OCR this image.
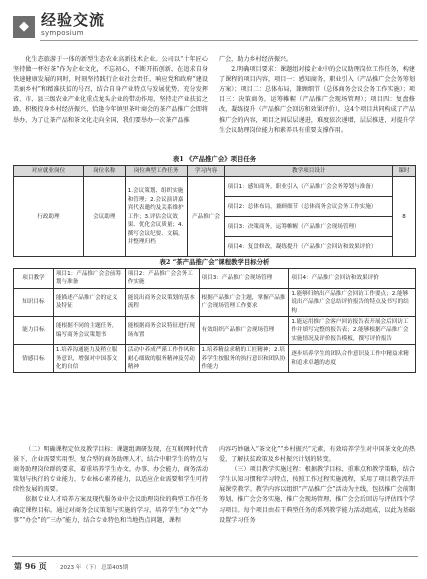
◆ 经验交流
symposium

化生态旅游于一体的新型生态农业高新技术企业。公司以“十年匠心坚持做一杯好茶”作为企业文化，不忘初心，不断开拓创新，在追求自身快速健康发展的同时，时刻坚持践行企业社会责任，响应党和政府“建设美丽乡村”和精准扶贫的号召，结合自身产业特点与发展优势，充分发挥省、市、县三级农业产业化重点龙头企业的带动作用，坚持走产业扶贫之路，积极投身乡村经济振兴，恰逢今年镇里茶叶商会的茶产品推广会即将举办，为了让茶产品和茶文化走向全国，我们要举办一次茶产品推

广会，助力乡村经济振兴。

2.明确项目要求：课题组对接企业中的会议助理岗位工作任务，构建了课程的项目内容，项目一：感知商务，职业引入（产品推广会会务筹划方案）；项目二：总体布局，兼顾细节（总体商务会议会务工作实施）；项目三：决策商务，运筹帷幄（产品推广会现场管理）；项目四：复盘修改，凝练提升（产品推广会回访和效果评价），这4个项目共同构成了产品推广会的内容，项目之间层层递进，难度依次递增，层层推进，对提升学生会议助理岗位能力和素养具有重要支撑作用。

表1 《产品推广会》项目任务
对应就业岗位	岗位名称	岗位典型工作任务	学习内容	教学项目设计	课时
行政助理	会议助理	1.会议策划、组织实施和管理；2.会议演讲嘉宾代表邀约及关系维护工作；3.评估会议效果、优化会议质量；4.撰写会议纪要、文稿，并整理归档	产品推广会	项目1：感知商务，职业引入（产品推广会会务筹划与准备）	8
				项目2：总体布局，兼顾细节（总体商务会议会务工作实施）	
				项目3：决策商务，运筹帷幄（产品推广会现场管理）	
				项目4：复盘修改，凝练提升（产品推广会回访和效果评价）	
表2 “茶产品推广会”课程教学目标分析
项目教学	项目1：产品推广会会前筹划与准备	项目2：产品推广会会务工作实施	项目3：产品推广会现场管理	项目4：产品推广会回访和效果评价
知识目标	能描述产品推广会的定义及特征	能说出商务会议策划的基本流程	根据产品推广会主题，掌握产品推广会现场管理工作要求	1.能够归纳出产品推广会回访工作要点；2.能够说出产品推广会总结评价报告的特点及书写的结构
能力目标	能根据不同的主题任务，编写商务会议策划书	能根据商务会议特征进行现场布置	有效组织产品推广会现场管理	1.能运用推广会客户回访报告表开展会后回访工作并填写完整的报告表；2.能够根据产品推广会实施情况及评价报告模板，撰写评价报告
情感目标	1.培养沟通能力及稍立服务意识，增强对中国茶文化的自信	活动中养成严谨工作作风和耐心细致的服务精神及劳动精神	1.培养精益求精的工匠精神；2.培养学生按服务的执行意识和团队协作能力	逐步培养学生的团队合作意识及工作中精益求精和追求卓越的态度

（二）明确课程定位及教学目标：课题组调研发现，在互联网时代背景下，企业需要实用型、复合型的商务助理人才。结合中职学生的特点与商务助理岗位群的要求，着重培养学生办文、办事、办会能力，商务活动策划与执行的专业能力、专业核心素养能力，以适应企业需要和学生可持续性发展的需要。

依据专业人才培养方案及现代服务业中会议助理岗位的典型工作任务确定课程目标。通过对商务会议策划与实施的学习，培养学生“办文”“办事”“办会”的“三办”能力，结合专业特色和当地热点问题，课程

内容巧妙融入“茶文化”“乡村振兴”元素，有效培养学生对中国茶文化的热爱，了解扶贫政策及乡村振兴计划的转变。

（三）项目教学实施过程：根据教学目标、重难点和教学策略，结合学生认知习惯和学习特点，按照工作过程实施流程，采用了项目教学法开展课堂教学。教学内容以组织“产品推广会”活动为主线，包括推广会前期筹划、推广会会务实施、推广会现场管理、推广会会后回访与评估四个学习项目。每个项目由若干典型任务的系列教学能力活动组成，以此为基础设置学习任务

第 96 页 2023 年 （下） 总第405期
